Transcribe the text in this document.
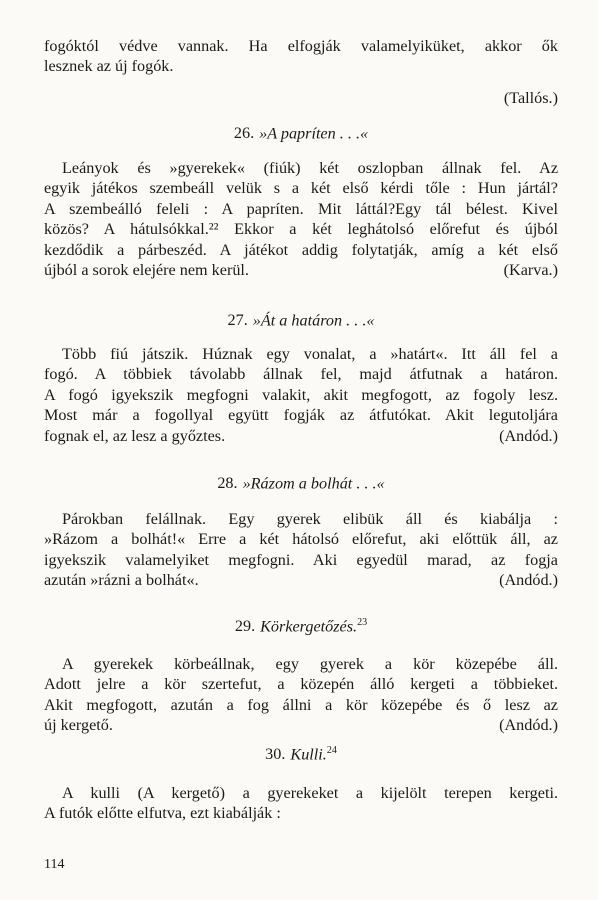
fogóktól védve vannak. Ha elfogják valamelyiküket, akkor ők
lesznek az új fogók.
(Tallós.)
26. »A papríten . . .«
Leányok és »gyerekek« (fiúk) két oszlopban állnak fel. Az
egyik játékos szembeáll velük s a két első kérdi tőle : Hun jártál?
A szembeálló feleli : A papríten. Mit láttál?Egy tál bélest. Kivel
közös? A hátulsókkal.²² Ekkor a két leghátolsó előrefut és újból
kezdődik a párbeszéd. A játékot addig folytatják, amíg a két első
újból a sorok elejére nem kerül.	(Karva.)
27. »Át a határon . . .«
Több fiú játszik. Húznak egy vonalat, a »határt«. Itt áll fel a
fogó. A többiek távolabb állnak fel, majd átfutnak a határon.
A fogó igyekszik megfogni valakit, akit megfogott, az fogoly lesz.
Most már a fogollyal együtt fogják az átfutókat. Akit legutoljára
fognak el, az lesz a győztes.	(Andód.)
28. »Rázom a bolhát . . .«
Párokban felállnak. Egy gyerek elibük áll és kiabálja :
»Rázom a bolhát!« Erre a két hátolsó előrefut, aki előttük áll, az
igyekszik valamelyiket megfogni. Aki egyedül marad, az fogja
azután »rázni a bolhát«.	(Andód.)
29. Körkergetőzés.$^{23}$
A gyerekek körbeállnak, egy gyerek a kör közepébe áll.
Adott jelre a kör szertefut, a közepén álló kergeti a többieket.
Akit megfogott, azután a fog állni a kör közepébe és ő lesz az
új kergető.	(Andód.)
30. Kulli.$^{24}$
A kulli (A kergető) a gyerekeket a kijelölt terepen kergeti.
A futók előtte elfutva, ezt kiabálják :
114
